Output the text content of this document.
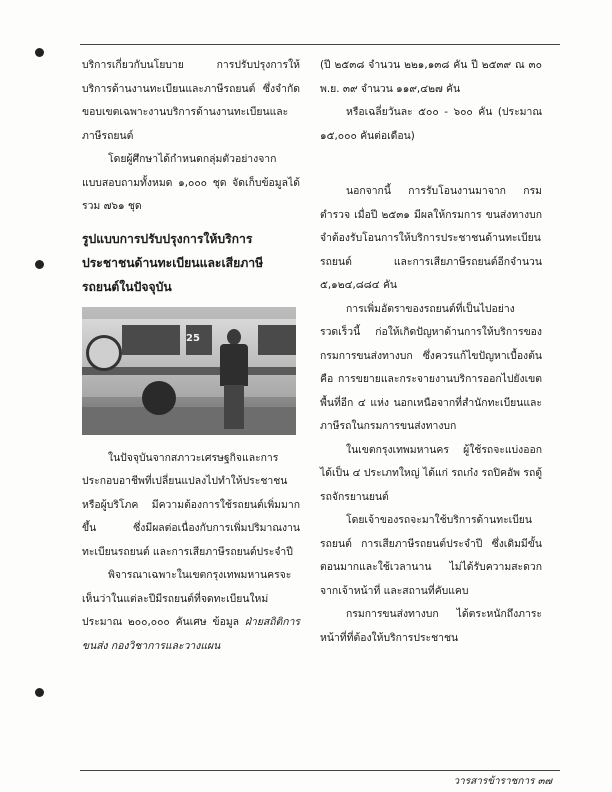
บริการเกี่ยวกับนโยบาย การปรับปรุงการให้บริการด้านงานทะเบียนและภาษีรถยนต์ ซึ่งจำกัดขอบเขตเฉพาะงานบริการด้านงานทะเบียนและภาษีรถยนต์

โดยผู้ศึกษาได้กำหนดกลุ่มตัวอย่างจากแบบสอบถามทั้งหมด ๑,๐๐๐ ชุด จัดเก็บข้อมูลได้รวม ๗๖๑ ชุด

รูปแบบการปรับปรุงการให้บริการประชาชนด้านทะเบียนและเสียภาษีรถยนต์ในปัจจุบัน
25

ในปัจจุบันจากสภาวะเศรษฐกิจและการประกอบอาชีพที่เปลี่ยนแปลงไปทำให้ประชาชนหรือผู้บริโภค มีความต้องการใช้รถยนต์เพิ่มมากขึ้น ซึ่งมีผลต่อเนื่องกับการเพิ่มปริมาณงานทะเบียนรถยนต์ และการเสียภาษีรถยนต์ประจำปี

พิจารณาเฉพาะในเขตกรุงเทพมหานครจะเห็นว่าในแต่ละปีมีรถยนต์ที่จดทะเบียนใหม่ประมาณ ๒๐๐,๐๐๐ คันเศษ ข้อมูล ฝ่ายสถิติการขนส่ง กองวิชาการและวางแผน

(ปี ๒๕๓๘ จำนวน ๒๒๑,๑๓๘ คัน ปี ๒๕๓๙ ณ ๓๐ พ.ย. ๓๙ จำนวน ๑๑๙,๔๒๗ คัน

หรือเฉลี่ยวันละ ๕๐๐ - ๖๐๐ คัน (ประมาณ ๑๕,๐๐๐ คันต่อเดือน)

นอกจากนี้ การรับโอนงานมาจาก กรมตำรวจ เมื่อปี ๒๕๓๑ มีผลให้กรมการ ขนส่งทางบกจำต้องรับโอนการให้บริการประชาชนด้านทะเบียนรถยนต์ และการเสียภาษีรถยนต์อีกจำนวน ๕,๑๒๔,๘๘๔ คัน

การเพิ่มอัตราของรถยนต์ที่เป็นไปอย่างรวดเร็วนี้ ก่อให้เกิดปัญหาด้านการให้บริการของกรมการขนส่งทางบก ซึ่งควรแก้ไขปัญหาเบื้องต้นคือ การขยายและกระจายงานบริการออกไปยังเขตพื้นที่อีก ๔ แห่ง นอกเหนือจากที่สำนักทะเบียนและภาษีรถในกรมการขนส่งทางบก

ในเขตกรุงเทพมหานคร ผู้ใช้รถจะแบ่งออกได้เป็น ๔ ประเภทใหญ่ ได้แก่ รถเก๋ง รถปิคอัพ รถตู้ รถจักรยานยนต์

โดยเจ้าของรถจะมาใช้บริการด้านทะเบียนรถยนต์ การเสียภาษีรถยนต์ประจำปี ซึ่งเดิมมีขั้นตอนมากและใช้เวลานาน ไม่ได้รับความสะดวกจากเจ้าหน้าที่ และสถานที่คับแคบ

กรมการขนส่งทางบก ได้ตระหนักถึงภาระหน้าที่ที่ต้องให้บริการประชาชน

วารสารข้าราชการ ๓๗
